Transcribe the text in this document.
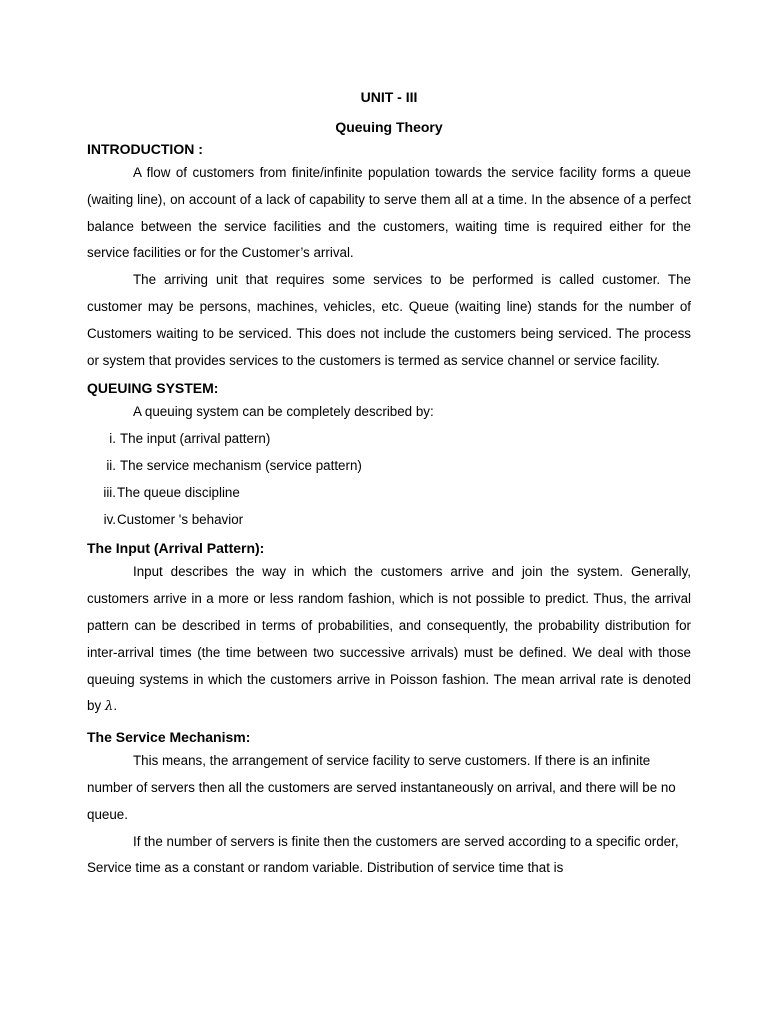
UNIT - III
Queuing Theory
INTRODUCTION :

A flow of customers from finite/infinite population towards the service facility forms a queue (waiting line), on account of a lack of capability to serve them all at a time. In the absence of a perfect balance between the service facilities and the customers, waiting time is required either for the service facilities or for the Customer’s arrival.

The arriving unit that requires some services to be performed is called customer. The customer may be persons, machines, vehicles, etc. Queue (waiting line) stands for the number of Customers waiting to be serviced. This does not include the customers being serviced. The process or system that provides services to the customers is termed as service channel or service facility.

QUEUING SYSTEM:

A queuing system can be completely described by:

i. The input (arrival pattern)
ii. The service mechanism (service pattern)
iii. The queue discipline
iv. Customer 's behavior
The Input (Arrival Pattern):

Input describes the way in which the customers arrive and join the system. Generally, customers arrive in a more or less random fashion, which is not possible to predict. Thus, the arrival pattern can be described in terms of probabilities, and consequently, the probability distribution for inter-arrival times (the time between two successive arrivals) must be defined. We deal with those queuing systems in which the customers arrive in Poisson fashion. The mean arrival rate is denoted by λ.

The Service Mechanism:

This means, the arrangement of service facility to serve customers. If there is an infinite number of servers then all the customers are served instantaneously on arrival, and there will be no queue.

If the number of servers is finite then the customers are served according to a specific order, Service time as a constant or random variable. Distribution of service time that is
